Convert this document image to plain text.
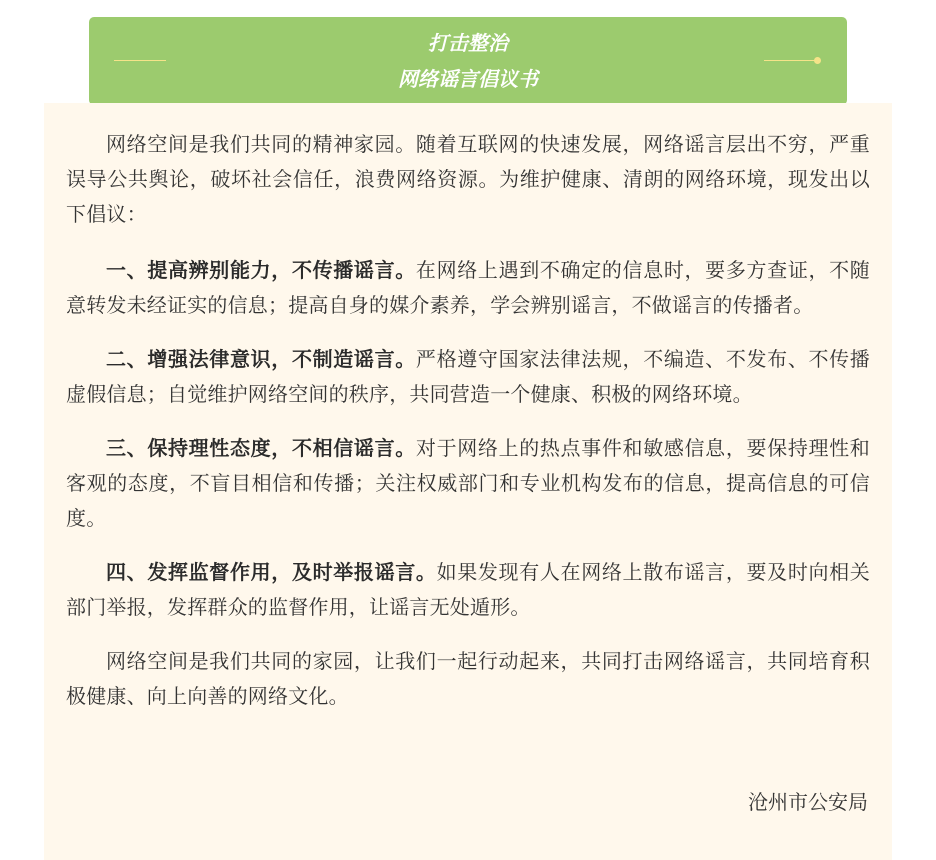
打击整治
网络谣言倡议书

网络空间是我们共同的精神家园。随着互联网的快速发展，网络谣言层出不穷，严重误导公共舆论，破坏社会信任，浪费网络资源。为维护健康、清朗的网络环境，现发出以下倡议：

一、提高辨别能力，不传播谣言。在网络上遇到不确定的信息时，要多方查证，不随意转发未经证实的信息；提高自身的媒介素养，学会辨别谣言，不做谣言的传播者。

二、增强法律意识，不制造谣言。严格遵守国家法律法规，不编造、不发布、不传播虚假信息；自觉维护网络空间的秩序，共同营造一个健康、积极的网络环境。

三、保持理性态度，不相信谣言。对于网络上的热点事件和敏感信息，要保持理性和客观的态度，不盲目相信和传播；关注权威部门和专业机构发布的信息，提高信息的可信度。

四、发挥监督作用，及时举报谣言。如果发现有人在网络上散布谣言，要及时向相关部门举报，发挥群众的监督作用，让谣言无处遁形。

网络空间是我们共同的家园，让我们一起行动起来，共同打击网络谣言，共同培育积极健康、向上向善的网络文化。

沧州市公安局
